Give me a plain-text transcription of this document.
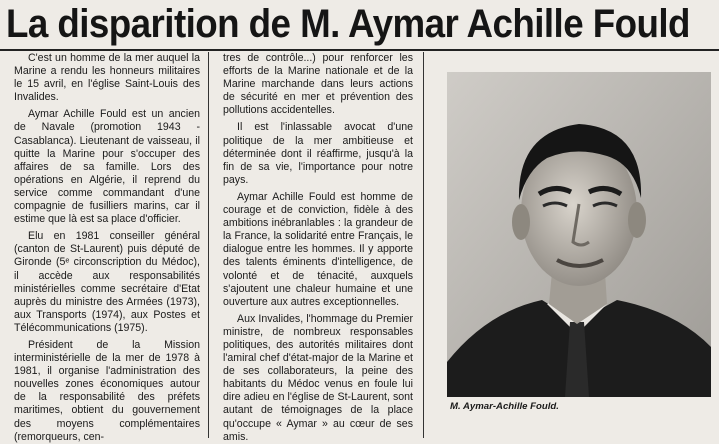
La disparition de M. Aymar Achille Fould

C'est un homme de la mer auquel la Marine a rendu les honneurs militaires le 15 avril, en l'église Saint-Louis des Invalides.

Aymar Achille Fould est un ancien de Navale (promotion 1943 - Casablanca). Lieutenant de vaisseau, il quitte la Marine pour s'occuper des affaires de sa famille. Lors des opérations en Algérie, il reprend du service comme commandant d'une compagnie de fusilliers marins, car il estime que là est sa place d'officier.

Elu en 1981 conseiller général (canton de St-Laurent) puis député de Gironde (5ᵉ circonscription du Médoc), il accède aux responsabilités ministérielles comme secrétaire d'Etat auprès du ministre des Armées (1973), aux Transports (1974), aux Postes et Télécommunications (1975).

Président de la Mission interministérielle de la mer de 1978 à 1981, il organise l'administration des nouvelles zones économiques autour de la responsabilité des préfets maritimes, obtient du gouvernement des moyens complémentaires (remorqueurs, cen-

tres de contrôle...) pour renforcer les efforts de la Marine nationale et de la Marine marchande dans leurs actions de sécurité en mer et prévention des pollutions accidentelles.

Il est l'inlassable avocat d'une politique de la mer ambitieuse et déterminée dont il réaffirme, jusqu'à la fin de sa vie, l'importance pour notre pays.

Aymar Achille Fould est homme de courage et de conviction, fidèle à des ambitions inébranlables : la grandeur de la France, la solidarité entre Français, le dialogue entre les hommes. Il y apporte des talents éminents d'intelligence, de volonté et de ténacité, auxquels s'ajoutent une chaleur humaine et une ouverture aux autres exceptionnelles.

Aux Invalides, l'hommage du Premier ministre, de nombreux responsables politiques, des autorités militaires dont l'amiral chef d'état-major de la Marine et de ses collaborateurs, la peine des habitants du Médoc venus en foule lui dire adieu en l'église de St-Laurent, sont autant de témoignages de la place qu'occupe « Aymar » au cœur de ses amis.

M. Aymar-Achille Fould.
